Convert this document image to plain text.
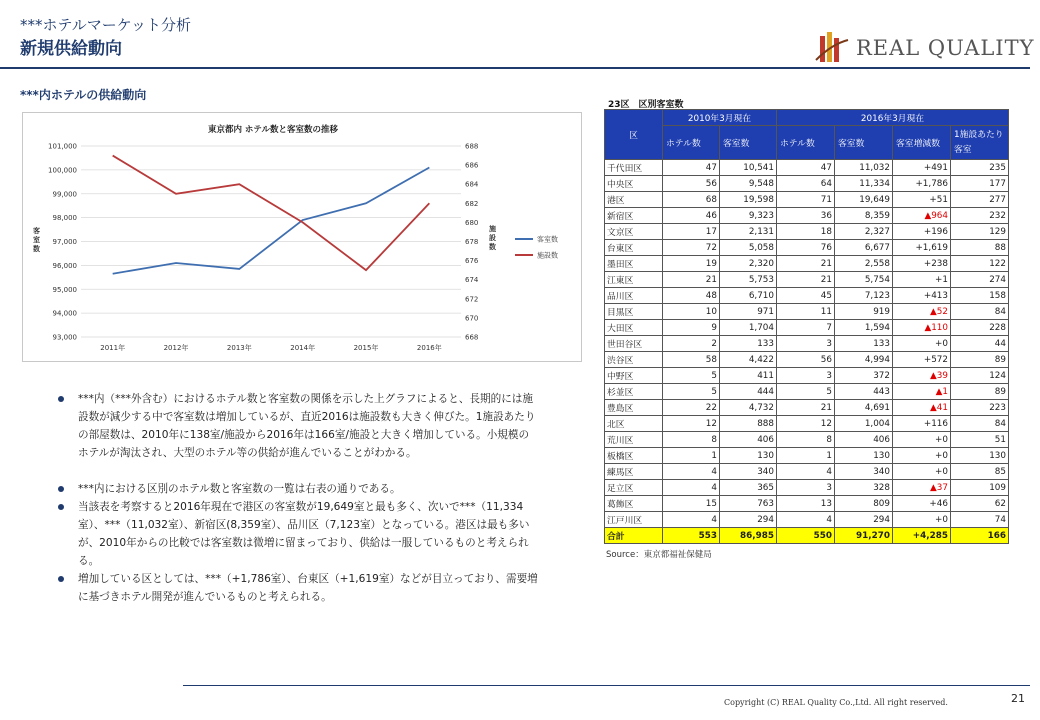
***ホテルマーケット分析
新規供給動向	REAL QUALITY
***内ホテルの供給動向
東京都内 ホテル数と客室数の推移
93,000
94,000
95,000
96,000
97,000
98,000
99,000
100,000
101,000
668
670
672
674
676
678
680
682
684
686
688
2011年	2012年	2013年	2014年	2015年	2016年
客室数
施設数
客室数
施設数
***内（***外含む）におけるホテル数と客室数の関係を示した上グラフによると、長期的には施設数が減少する中で客室数は増加しているが、直近2016は施設数も大きく伸びた。1施設あたりの部屋数は、2010年に138室/施設から2016年は166室/施設と大きく増加している。小規模のホテルが淘汰され、大型のホテル等の供給が進んでいることがわかる。
***内における区別のホテル数と客室数の一覧は右表の通りである。
当該表を考察すると2016年現在で港区の客室数が19,649室と最も多く、次いで***（11,334室）、***（11,032室）、新宿区(8,359室）、品川区（7,123室）となっている。港区は最も多いが、2010年からの比較では客室数は微増に留まっており、供給は一服しているものと考えられる。
増加している区としては、***（+1,786室）、台東区（+1,619室）などが目立っており、需要増に基づきホテル開発が進んでいるものと考えられる。
23区　区別客室数
区	2010年3月現在		2016年3月現在			
	ホテル数	客室数	ホテル数	客室数	客室増減数	1施設あたり客室
千代田区	47	10,541	47	11,032	+491	235
中央区	56	9,548	64	11,334	+1,786	177
港区	68	19,598	71	19,649	+51	277
新宿区	46	9,323	36	8,359	▲964	232
文京区	17	2,131	18	2,327	+196	129
台東区	72	5,058	76	6,677	+1,619	88
墨田区	19	2,320	21	2,558	+238	122
江東区	21	5,753	21	5,754	+1	274
品川区	48	6,710	45	7,123	+413	158
目黒区	10	971	11	919	▲52	84
大田区	9	1,704	7	1,594	▲110	228
世田谷区	2	133	3	133	+0	44
渋谷区	58	4,422	56	4,994	+572	89
中野区	5	411	3	372	▲39	124
杉並区	5	444	5	443	▲1	89
豊島区	22	4,732	21	4,691	▲41	223
北区	12	888	12	1,004	+116	84
荒川区	8	406	8	406	+0	51
板橋区	1	130	1	130	+0	130
練馬区	4	340	4	340	+0	85
足立区	4	365	3	328	▲37	109
葛飾区	15	763	13	809	+46	62
江戸川区	4	294	4	294	+0	74
合計	553	86,985	550	91,270	+4,285	166
Source：東京都福祉保健局
Copyright (C) REAL Quality Co.,Ltd. All right reserved.	21
